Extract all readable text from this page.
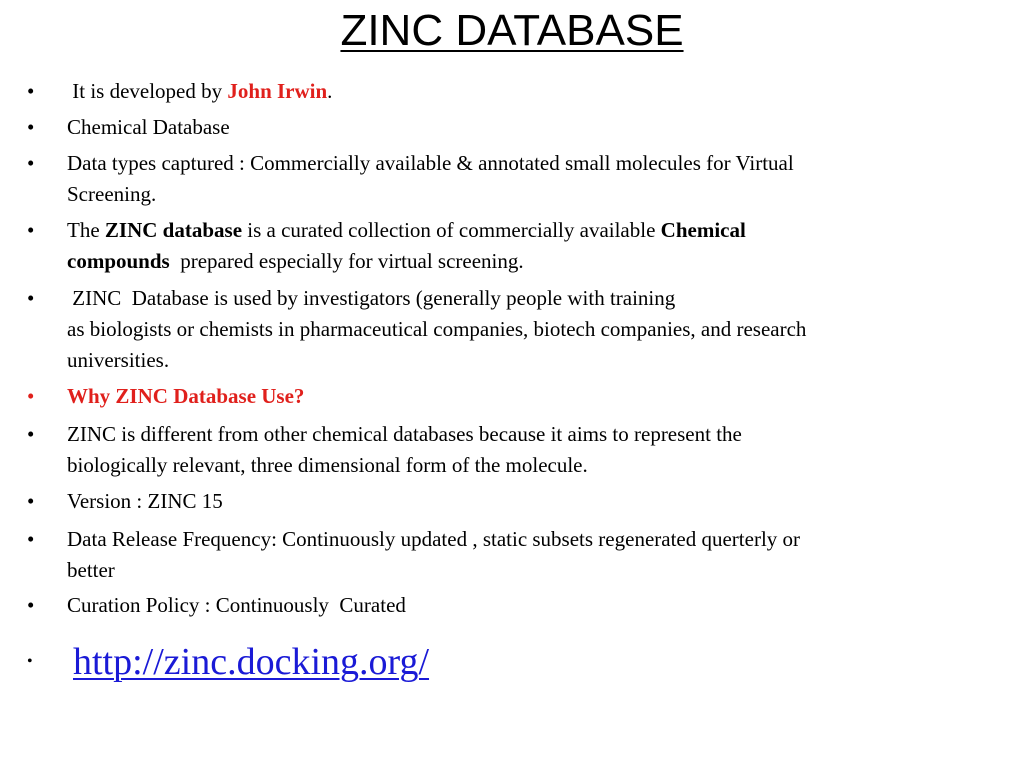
ZINC DATABASE
•	It is developed by John Irwin.
•	Chemical Database
•	Data types captured : Commercially available & annotated small molecules for Virtual
Screening.
•	The ZINC database is a curated collection of commercially available Chemical
compounds  prepared especially for virtual screening.
•	ZINC  Database is used by investigators (generally people with training
as biologists or chemists in pharmaceutical companies, biotech companies, and research
universities.
•	Why ZINC Database Use?
•	ZINC is different from other chemical databases because it aims to represent the
biologically relevant, three dimensional form of the molecule.
•	Version : ZINC 15
•	Data Release Frequency: Continuously updated , static subsets regenerated querterly or
better
•	Curation Policy : Continuously  Curated
• http://zinc.docking.org/
